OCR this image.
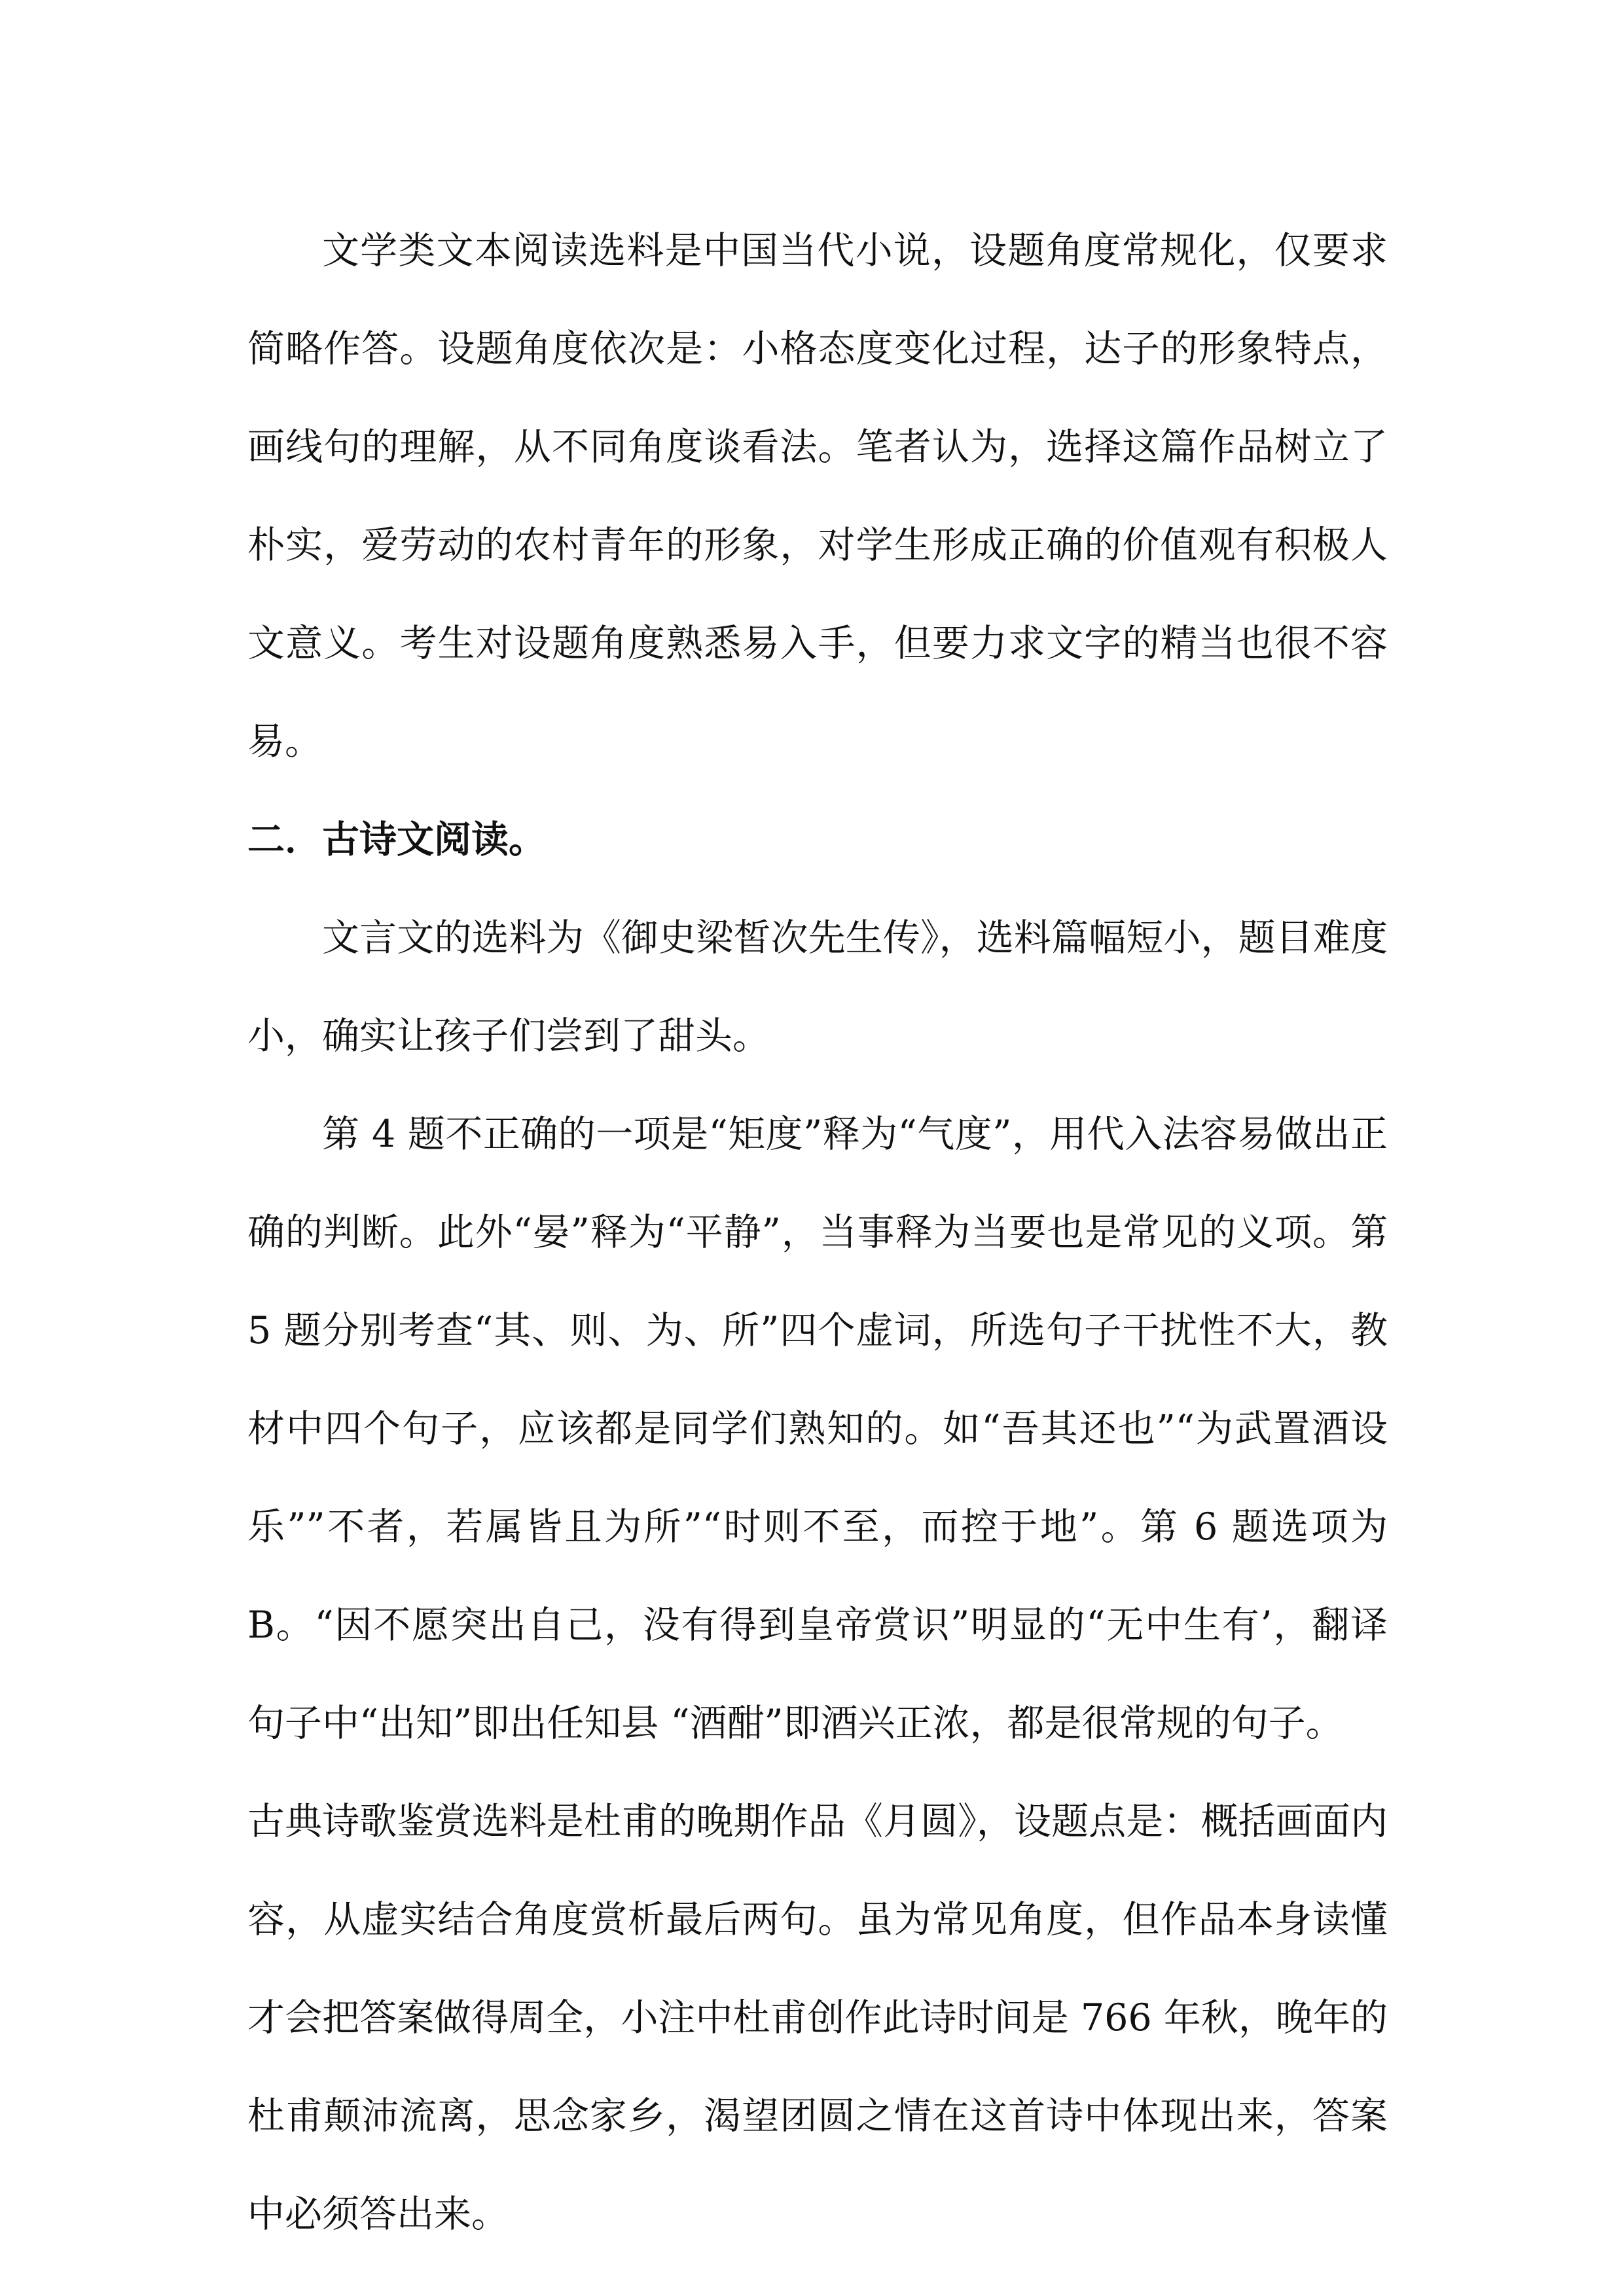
文学类文本阅读选料是中国当代小说，设题角度常规化，仅要求简略作答。设题角度依次是：小格态度变化过程，达子的形象特点，画线句的理解，从不同角度谈看法。笔者认为，选择这篇作品树立了朴实，爱劳动的农村青年的形象，对学生形成正确的价值观有积极人文意义。考生对设题角度熟悉易入手，但要力求文字的精当也很不容易。

二．古诗文阅读。

文言文的选料为《御史梁皙次先生传》，选料篇幅短小，题目难度小，确实让孩子们尝到了甜头。

第 4 题不正确的一项是“矩度”释为“气度”，用代入法容易做出正确的判断。此外“晏”释为“平静”，当事释为当要也是常见的义项。第 5 题分别考查“其、则、为、所”四个虚词，所选句子干扰性不大，教材中四个句子，应该都是同学们熟知的。如“吾其还也”“为武置酒设乐””不者，若属皆且为所”“时则不至，而控于地”。第 6 题选项为 B。“因不愿突出自己，没有得到皇帝赏识”明显的“无中生有’，翻译句子中“出知”即出任知县 “酒酣”即酒兴正浓，都是很常规的句子。

古典诗歌鉴赏选料是杜甫的晚期作品《月圆》，设题点是：概括画面内容，从虚实结合角度赏析最后两句。虽为常见角度，但作品本身读懂才会把答案做得周全，小注中杜甫创作此诗时间是 766 年秋，晚年的杜甫颠沛流离，思念家乡，渴望团圆之情在这首诗中体现出来，答案中必须答出来。
